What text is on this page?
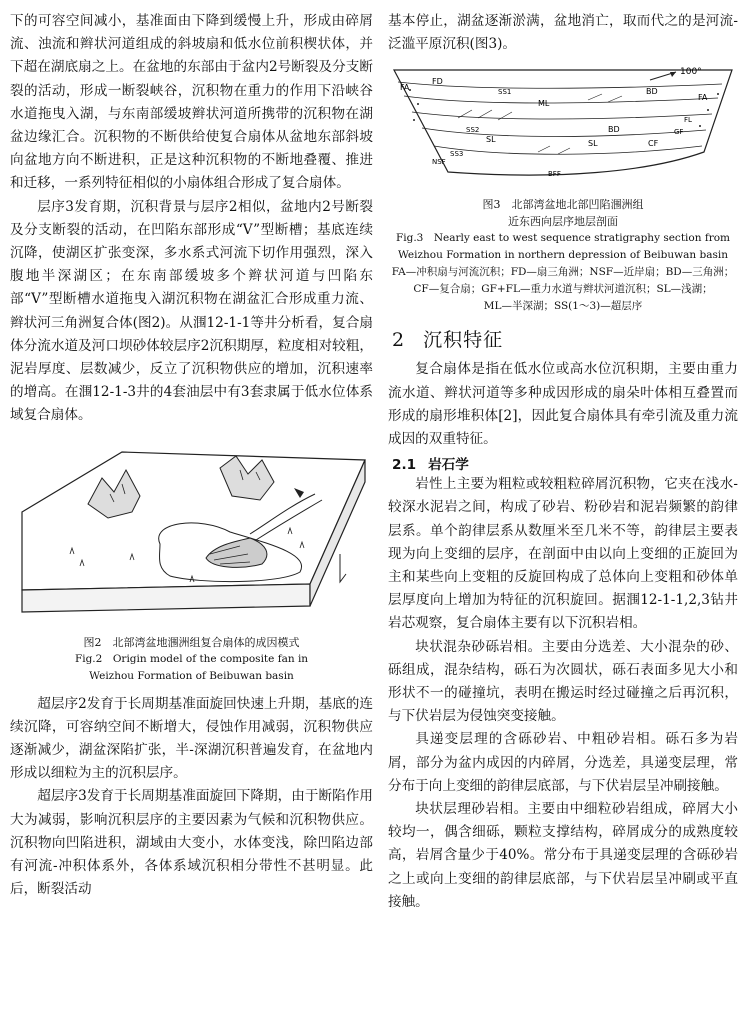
下的可容空间减小，基准面由下降到缓慢上升，形成由碎屑流、浊流和辫状河道组成的斜坡扇和低水位前积楔状体，并下超在湖底扇之上。在盆地的东部由于盆内2号断裂及分支断裂的活动，形成一断裂峡谷，沉积物在重力的作用下沿峡谷水道拖曳入湖，与东南部缓坡辫状河道所携带的沉积物在湖盆边缘汇合。沉积物的不断供给使复合扇体从盆地东部斜坡向盆地方向不断进积，正是这种沉积物的不断地叠覆、推进和迁移，一系列特征相似的小扇体组合形成了复合扇体。

层序3发育期，沉积背景与层序2相似，盆地内2号断裂及分支断裂的活动，在凹陷东部形成“V”型断槽；基底连续沉降，使湖区扩张变深，多水系式河流下切作用强烈，深入腹地半深湖区；在东南部缓坡多个辫状河道与凹陷东部“V”型断槽水道拖曳入湖沉积物在湖盆汇合形成重力流、辫状河三角洲复合体(图2)。从涠12-1-1等井分析看，复合扇体分流水道及河口坝砂体较层序2沉积期厚，粒度相对较粗，泥岩厚度、层数减少，反立了沉积物供应的增加，沉积速率的增高。在涠12-1-3井的4套油层中有3套隶属于低水位体系域复合扇体。

图2　北部湾盆地涠洲组复合扇体的成因模式

Fig.2　Origin model of the composite fan in

Weizhou Formation of Beibuwan basin

超层序2发育于长周期基准面旋回快速上升期，基底的连续沉降，可容纳空间不断增大，侵蚀作用减弱，沉积物供应逐渐减少，湖盆深陷扩张，半-深湖沉积普遍发育，在盆地内形成以细粒为主的沉积层序。

超层序3发育于长周期基准面旋回下降期，由于断陷作用大为减弱，影响沉积层序的主要因素为气候和沉积物供应。沉积物向凹陷进积，湖域由大变小，水体变浅，除凹陷边部有河流-冲积体系外，各体系域沉积相分带性不甚明显。此后，断裂活动

基本停止，湖盆逐渐淤满，盆地消亡，取而代之的是河流-泛滥平原沉积(图3)。

100°
FA
FA
FD
BD
BD
ML
SS1
SS2
SS3
SL	SL	CF
NSF
GF
FL
BFF

图3　北部湾盆地北部凹陷涠洲组

近东西向层序地层剖面

Fig.3　Nearly east to west sequence stratigraphy section from

Weizhou Formation in northern depression of Beibuwan basin

FA—冲积扇与河流沉积；FD—扇三角洲；NSF—近岸扇；BD—三角洲；CF—复合扇；GF+FL—重力水道与辫状河道沉积；SL—浅湖；

ML—半深湖；SS(1～3)—超层序

2 沉积特征

复合扇体是指在低水位或高水位沉积期，主要由重力流水道、辫状河道等多种成因形成的扇朵叶体相互叠置而形成的扇形堆积体[2]，因此复合扇体具有牵引流及重力流成因的双重特征。

2.1 岩石学

岩性上主要为粗粒或较粗粒碎屑沉积物，它夹在浅水-较深水泥岩之间，构成了砂岩、粉砂岩和泥岩频繁的韵律层系。单个韵律层系从数厘米至几米不等，韵律层主要表现为向上变细的层序，在剖面中由以向上变细的正旋回为主和某些向上变粗的反旋回构成了总体向上变粗和砂体单层厚度向上增加为特征的沉积旋回。据涠12-1-1,2,3钻井岩芯观察，复合扇体主要有以下沉积岩相。

块状混杂砂砾岩相。主要由分选差、大小混杂的砂、砾组成，混杂结构，砾石为次圆状，砾石表面多见大小和形状不一的碰撞坑，表明在搬运时经过碰撞之后再沉积，与下伏岩层为侵蚀突变接触。

具递变层理的含砾砂岩、中粗砂岩相。砾石多为岩屑，部分为盆内成因的内碎屑，分选差，具递变层理，常分布于向上变细的韵律层底部，与下伏岩层呈冲刷接触。

块状层理砂岩相。主要由中细粒砂岩组成，碎屑大小较均一，偶含细砾，颗粒支撑结构，碎屑成分的成熟度较高，岩屑含量少于40%。常分布于具递变层理的含砾砂岩之上或向上变细的韵律层底部，与下伏岩层呈冲刷或平直接触。
